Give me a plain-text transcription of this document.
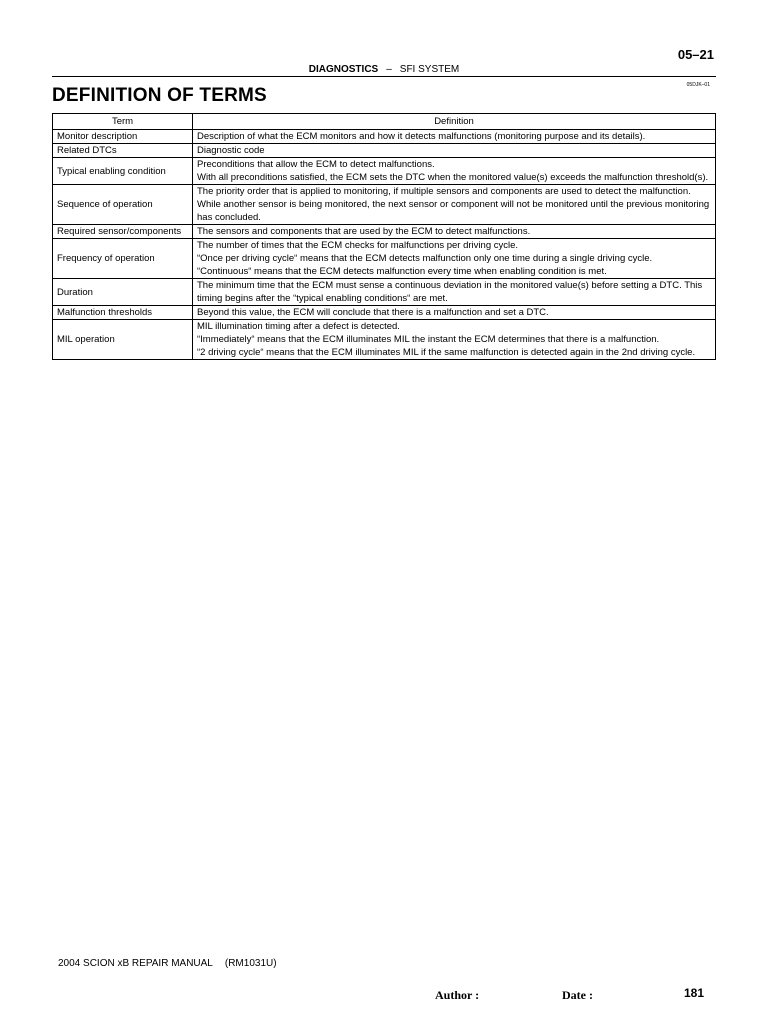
05–21
DIAGNOSTICS – SFI SYSTEM
05DJK–01
DEFINITION OF TERMS
Term	Definition
Monitor description	Description of what the ECM monitors and how it detects malfunctions (monitoring purpose and its details).

Related DTCs	Diagnostic code

Typical enabling condition	Preconditions that allow the ECM to detect malfunctions.
With all preconditions satisfied, the ECM sets the DTC when the monitored value(s) exceeds the malfunction threshold(s).

Sequence of operation	The priority order that is applied to monitoring, if multiple sensors and components are used to detect the malfunction.
While another sensor is being monitored, the next sensor or component will not be monitored until the previous monitoring has concluded.

Required sensor/components	The sensors and components that are used by the ECM to detect malfunctions.

Frequency of operation	The number of times that the ECM checks for malfunctions per driving cycle.
“Once per driving cycle“ means that the ECM detects malfunction only one time during a single driving cycle.
“Continuous“ means that the ECM detects malfunction every time when enabling condition is met.

Duration	The minimum time that the ECM must sense a continuous deviation in the monitored value(s) before setting a DTC. This timing begins after the “typical enabling conditions“ are met.

Malfunction thresholds	Beyond this value, the ECM will conclude that there is a malfunction and set a DTC.

MIL operation	MIL illumination timing after a defect is detected.
“Immediately“ means that the ECM illuminates MIL the instant the ECM determines that there is a malfunction.
“2 driving cycle“ means that the ECM illuminates MIL if the same malfunction is detected again in the 2nd driving cycle.
2004 SCION xB REPAIR MANUAL (RM1031U)
Author :	Date :	181
